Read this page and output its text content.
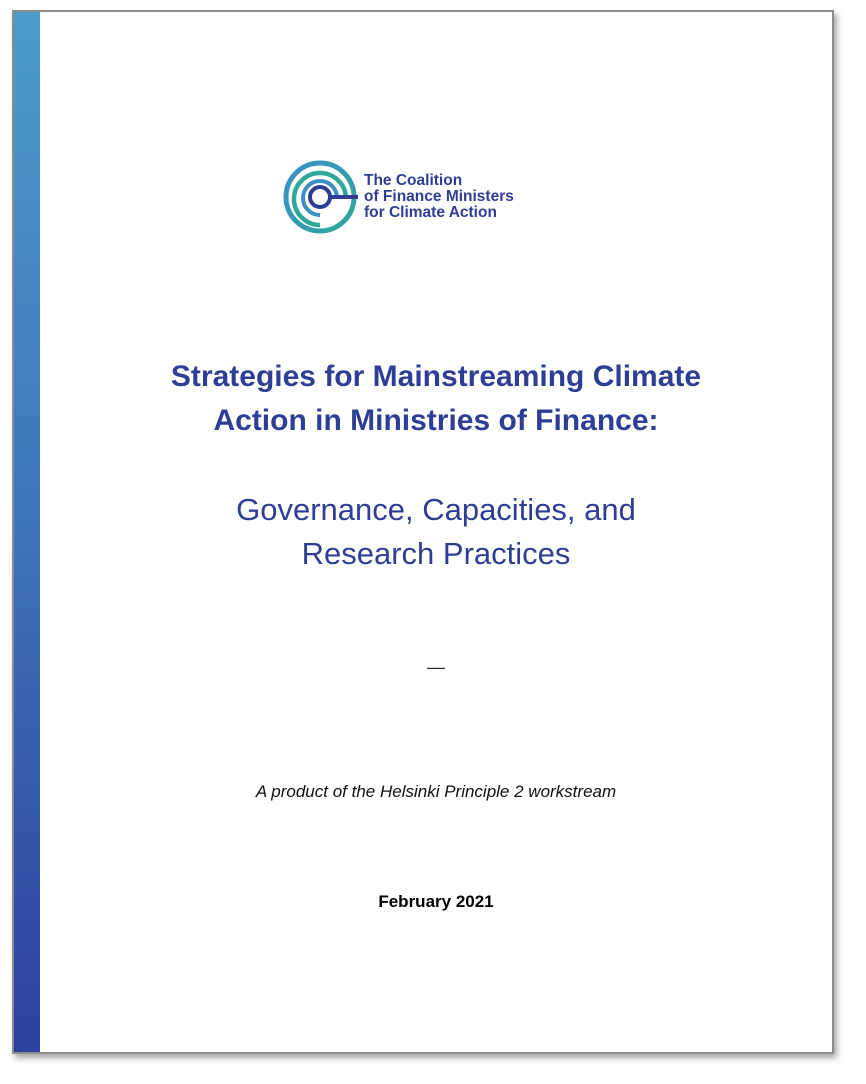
The Coalition
of Finance Ministers
for Climate Action
Strategies for Mainstreaming Climate
Action in Ministries of Finance:
Governance, Capacities, and
Research Practices
—
A product of the Helsinki Principle 2 workstream
February 2021
